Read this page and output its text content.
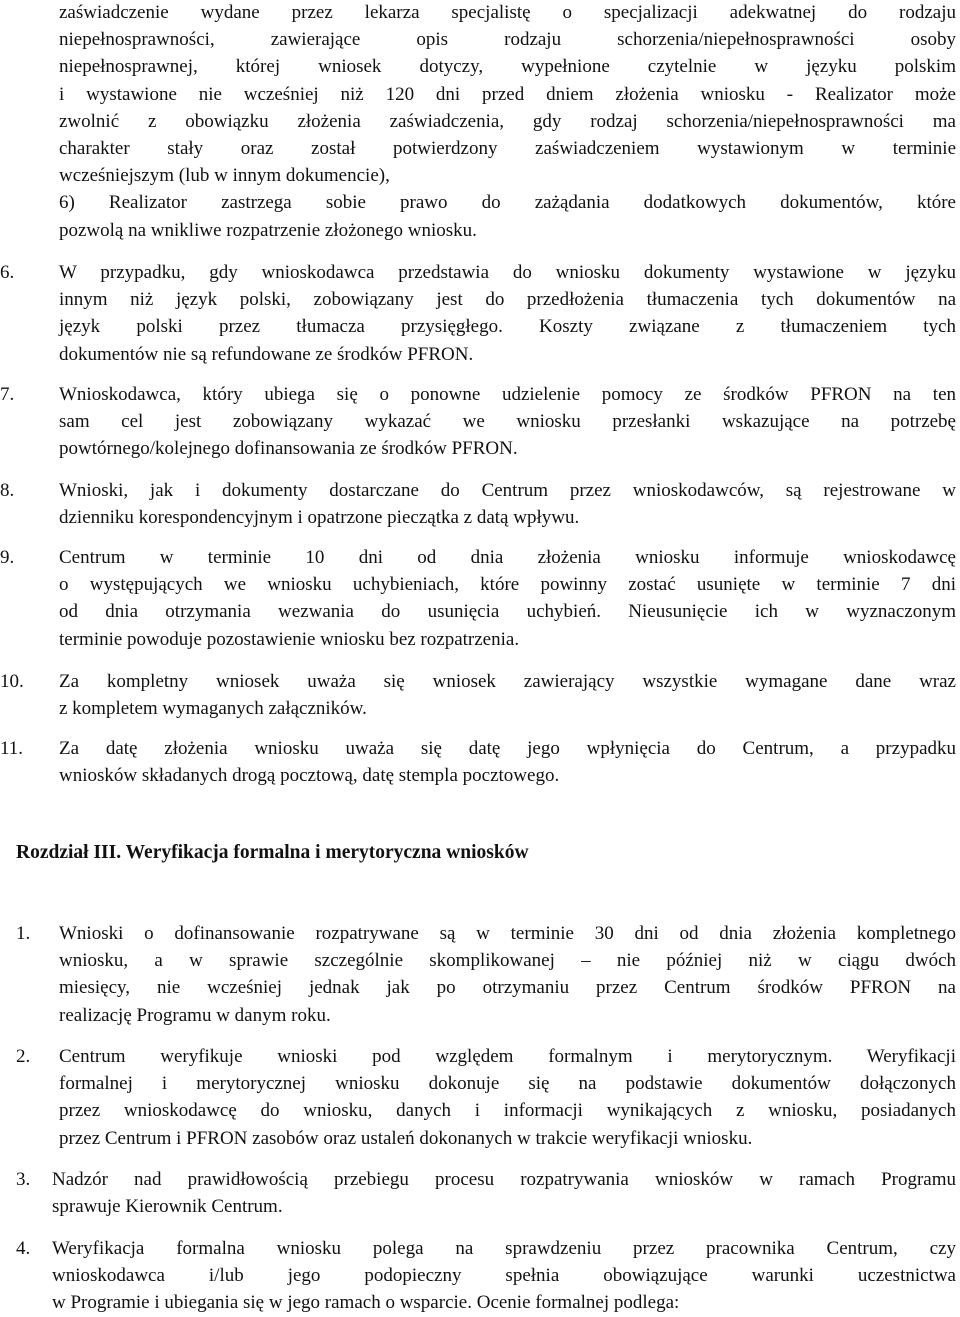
zaświadczenie wydane przez lekarza specjalistę o specjalizacji adekwatnej do rodzaju
niepełnosprawności, zawierające opis rodzaju schorzenia/niepełnosprawności osoby
niepełnosprawnej, której wniosek dotyczy, wypełnione czytelnie w języku polskim
i wystawione nie wcześniej niż 120 dni przed dniem złożenia wniosku - Realizator może
zwolnić z obowiązku złożenia zaświadczenia, gdy rodzaj schorzenia/niepełnosprawności ma
charakter stały oraz został potwierdzony zaświadczeniem wystawionym w terminie
wcześniejszym (lub w innym dokumencie),
6) Realizator zastrzega sobie prawo do zażądania dodatkowych dokumentów, które
pozwolą na wnikliwe rozpatrzenie złożonego wniosku.
6. W przypadku, gdy wnioskodawca przedstawia do wniosku dokumenty wystawione w języku
innym niż język polski, zobowiązany jest do przedłożenia tłumaczenia tych dokumentów na
język polski przez tłumacza przysięgłego. Koszty związane z tłumaczeniem tych
dokumentów nie są refundowane ze środków PFRON.
7. Wnioskodawca, który ubiega się o ponowne udzielenie pomocy ze środków PFRON na ten
sam cel jest zobowiązany wykazać we wniosku przesłanki wskazujące na potrzebę
powtórnego/kolejnego dofinansowania ze środków PFRON.
8. Wnioski, jak i dokumenty dostarczane do Centrum przez wnioskodawców, są rejestrowane w
dzienniku korespondencyjnym i opatrzone pieczątka z datą wpływu.
9. Centrum w terminie 10 dni od dnia złożenia wniosku informuje wnioskodawcę
o występujących we wniosku uchybieniach, które powinny zostać usunięte w terminie 7 dni
od dnia otrzymania wezwania do usunięcia uchybień. Nieusunięcie ich w wyznaczonym
terminie powoduje pozostawienie wniosku bez rozpatrzenia.
10. Za kompletny wniosek uważa się wniosek zawierający wszystkie wymagane dane wraz
z kompletem wymaganych załączników.
11. Za datę złożenia wniosku uważa się datę jego wpłynięcia do Centrum, a przypadku
wniosków składanych drogą pocztową, datę stempla pocztowego.
Rozdział III. Weryfikacja formalna i merytoryczna wniosków
1. Wnioski o dofinansowanie rozpatrywane są w terminie 30 dni od dnia złożenia kompletnego
wniosku, a w sprawie szczególnie skomplikowanej – nie później niż w ciągu dwóch
miesięcy, nie wcześniej jednak jak po otrzymaniu przez Centrum środków PFRON na
realizację Programu w danym roku.
2. Centrum weryfikuje wnioski pod względem formalnym i merytorycznym. Weryfikacji
formalnej i merytorycznej wniosku dokonuje się na podstawie dokumentów dołączonych
przez wnioskodawcę do wniosku, danych i informacji wynikających z wniosku, posiadanych
przez Centrum i PFRON zasobów oraz ustaleń dokonanych w trakcie weryfikacji wniosku.
3. Nadzór nad prawidłowością przebiegu procesu rozpatrywania wniosków w ramach Programu
sprawuje Kierownik Centrum.
4. Weryfikacja formalna wniosku polega na sprawdzeniu przez pracownika Centrum, czy
wnioskodawca i/lub jego podopieczny spełnia obowiązujące warunki uczestnictwa
w Programie i ubiegania się w jego ramach o wsparcie. Ocenie formalnej podlega:
